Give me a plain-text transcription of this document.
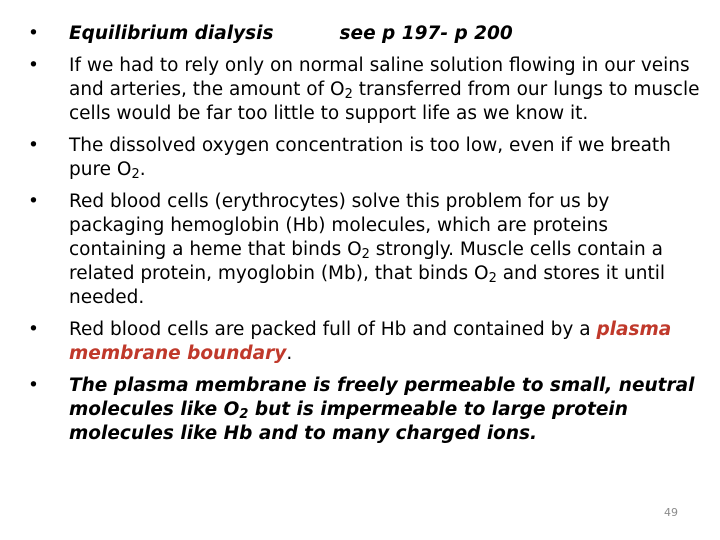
• Equilibrium dialysis	see p 197- p 200
• If we had to rely only on normal saline solution flowing in our veins and arteries, the amount of $O_2$ transferred from our lungs to muscle cells would be far too little to support life as we know it.
• The dissolved oxygen concentration is too low, even if we breath pure $O_2$.
• Red blood cells (erythrocytes) solve this problem for us by packaging hemoglobin (Hb) molecules, which are proteins containing a heme that binds $O_2$ strongly. Muscle cells contain a related protein, myoglobin (Mb), that binds $O_2$ and stores it until needed.
• Red blood cells are packed full of Hb and contained by a plasma membrane boundary.
• The plasma membrane is freely permeable to small, neutral molecules like $O_2$ but is impermeable to large protein molecules like Hb and to many charged ions.
49
